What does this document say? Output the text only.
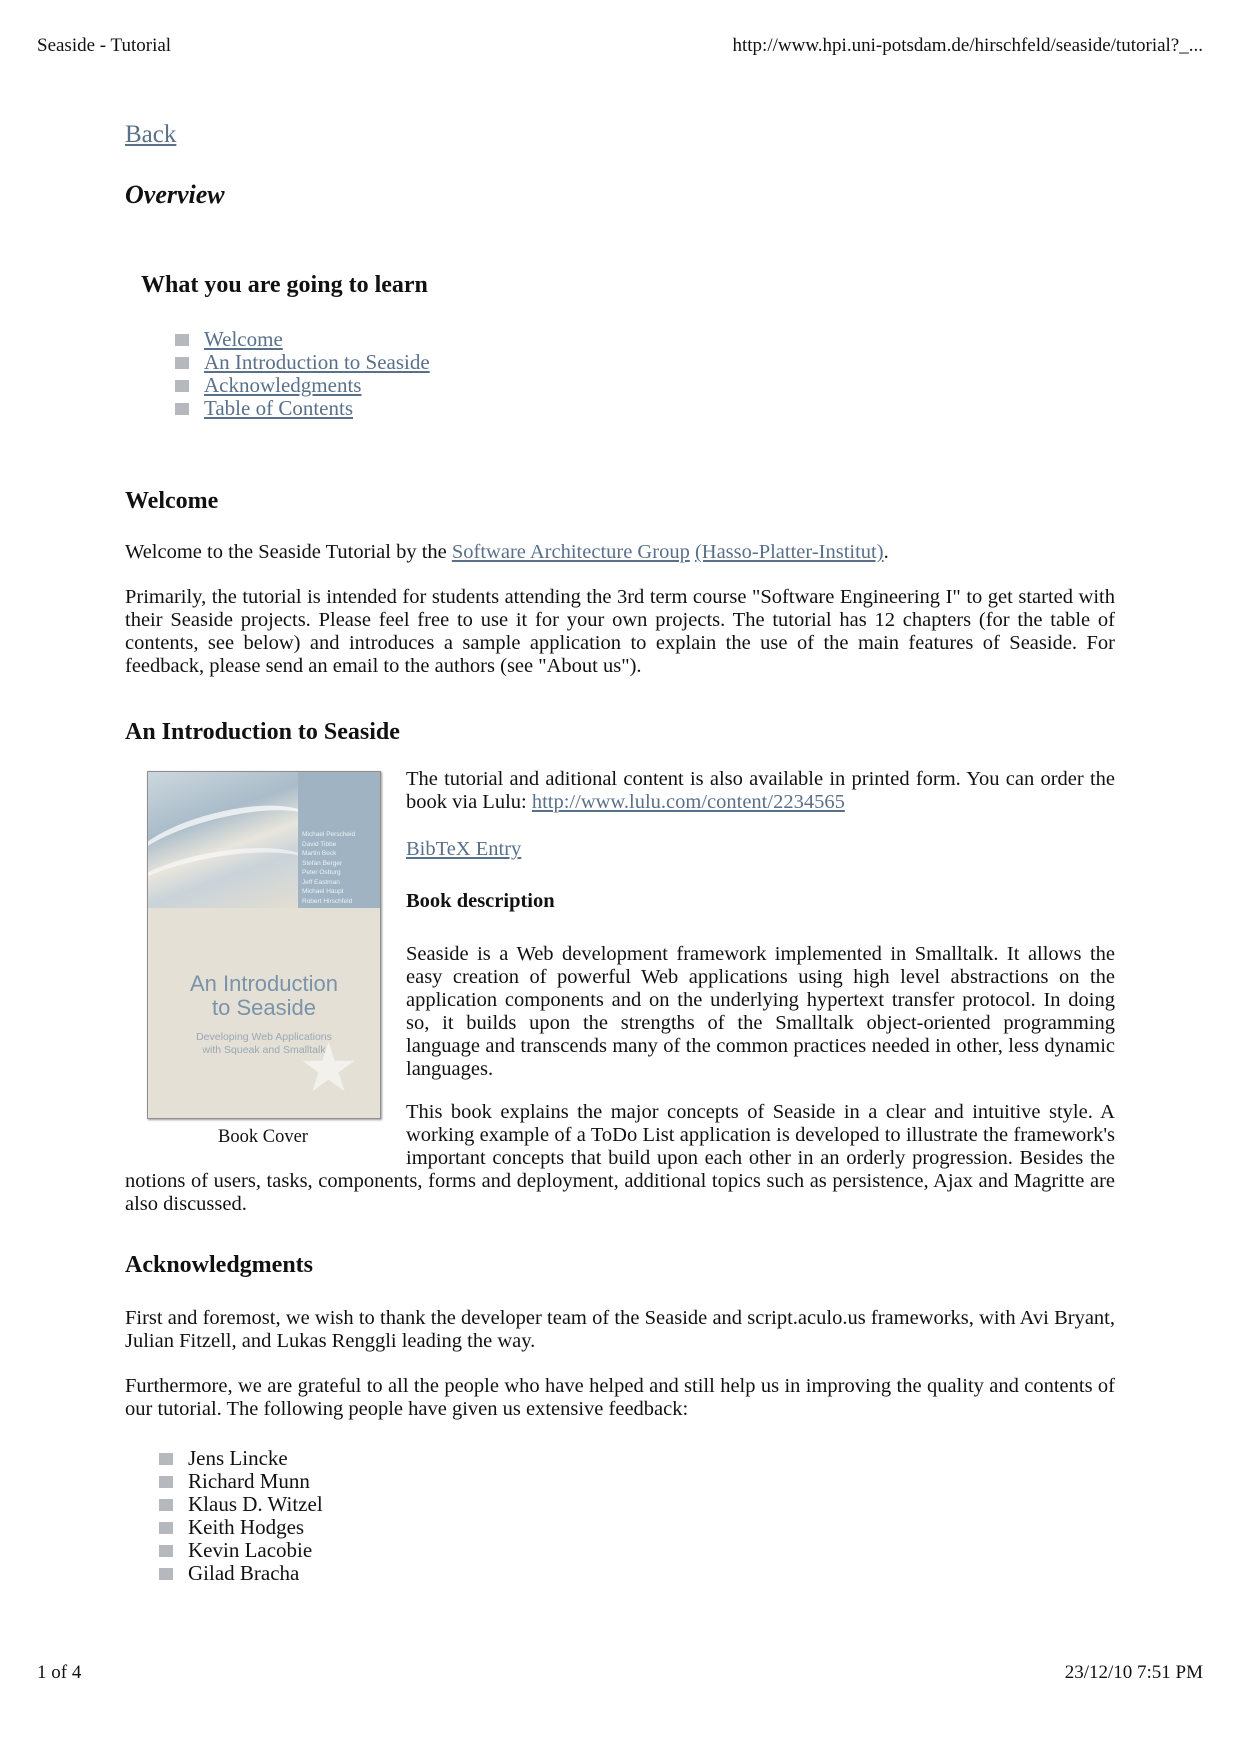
Seaside - Tutorial	http://www.hpi.uni-potsdam.de/hirschfeld/seaside/tutorial?_...
Back
Overview
What you are going to learn
Welcome
An Introduction to Seaside
Acknowledgments
Table of Contents
Welcome

Welcome to the Seaside Tutorial by the Software Architecture Group (Hasso-Platter-Institut).

Primarily, the tutorial is intended for students attending the 3rd term course "Software Engineering I" to get started with their Seaside projects. Please feel free to use it for your own projects. The tutorial has 12 chapters (for the table of contents, see below) and introduces a sample application to explain the use of the main features of Seaside. For feedback, please send an email to the authors (see "About us").

An Introduction to Seaside
Michael Perscheid
David Tibbe
Martin Beck
Stefan Berger
Peter Osburg
Jeff Eastman
Michael Haupt
Robert Hirschfeld
An Introduction
to Seaside
Developing Web Applications
with Squeak and Smalltalk
★
Book Cover

The tutorial and aditional content is also available in printed form. You can order the book via Lulu: http://www.lulu.com/content/2234565

BibTeX Entry
Book description

Seaside is a Web development framework implemented in Smalltalk. It allows the easy creation of powerful Web applications using high level abstractions on the application components and on the underlying hypertext transfer protocol. In doing so, it builds upon the strengths of the Smalltalk object-oriented programming language and transcends many of the common practices needed in other, less dynamic languages.

This book explains the major concepts of Seaside in a clear and intuitive style. A working example of a ToDo List application is developed to illustrate the framework's important concepts that build upon each other in an orderly progression. Besides the notions of users, tasks, components, forms and deployment, additional topics such as persistence, Ajax and Magritte are also discussed.

Acknowledgments

First and foremost, we wish to thank the developer team of the Seaside and script.aculo.us frameworks, with Avi Bryant, Julian Fitzell, and Lukas Renggli leading the way.

Furthermore, we are grateful to all the people who have helped and still help us in improving the quality and contents of our tutorial. The following people have given us extensive feedback:

Jens Lincke
Richard Munn
Klaus D. Witzel
Keith Hodges
Kevin Lacobie
Gilad Bracha
1 of 4	23/12/10 7:51 PM
